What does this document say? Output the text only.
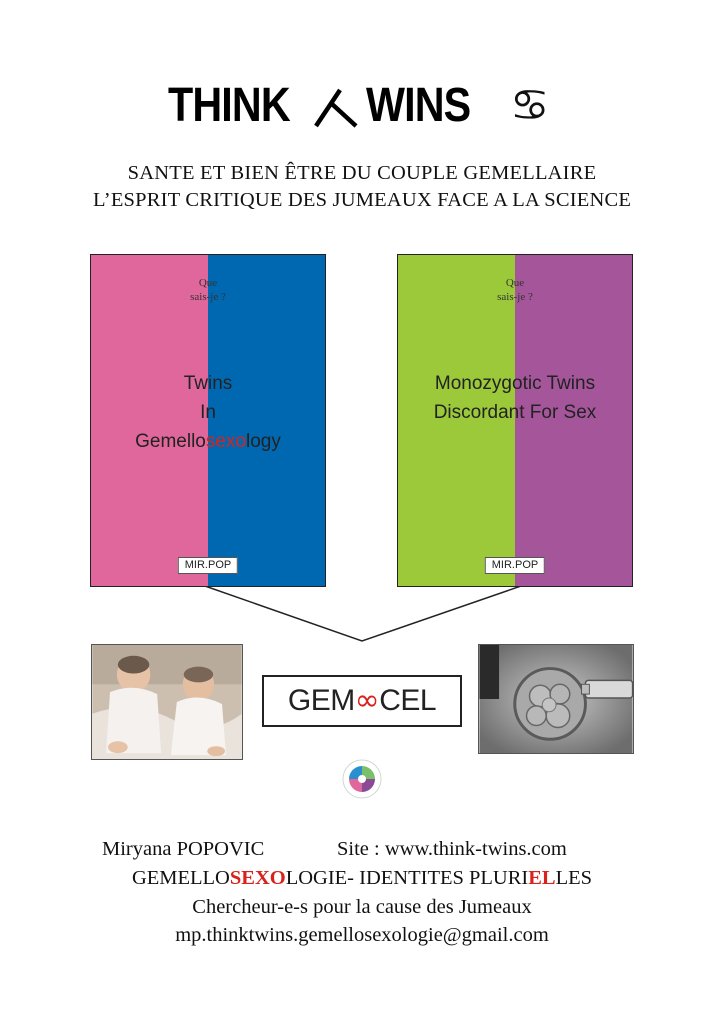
THINK WINS ♋
SANTE ET BIEN ÊTRE DU COUPLE GEMELLAIRE
L’ESPRIT CRITIQUE DES JUMEAUX FACE A LA SCIENCE
Que
sais-je ?
Twins
In
Gemellosexology
MIR.POP
Que
sais-je ?
Monozygotic Twins
Discordant For Sex
MIR.POP
GEM∞CEL
Miryana POPOVIC	Site : www.think-twins.com
GEMELLOSEXOLOGIE- IDENTITES PLURIELLES
Chercheur-e-s pour la cause des Jumeaux
mp.thinktwins.gemellosexologie@gmail.com
